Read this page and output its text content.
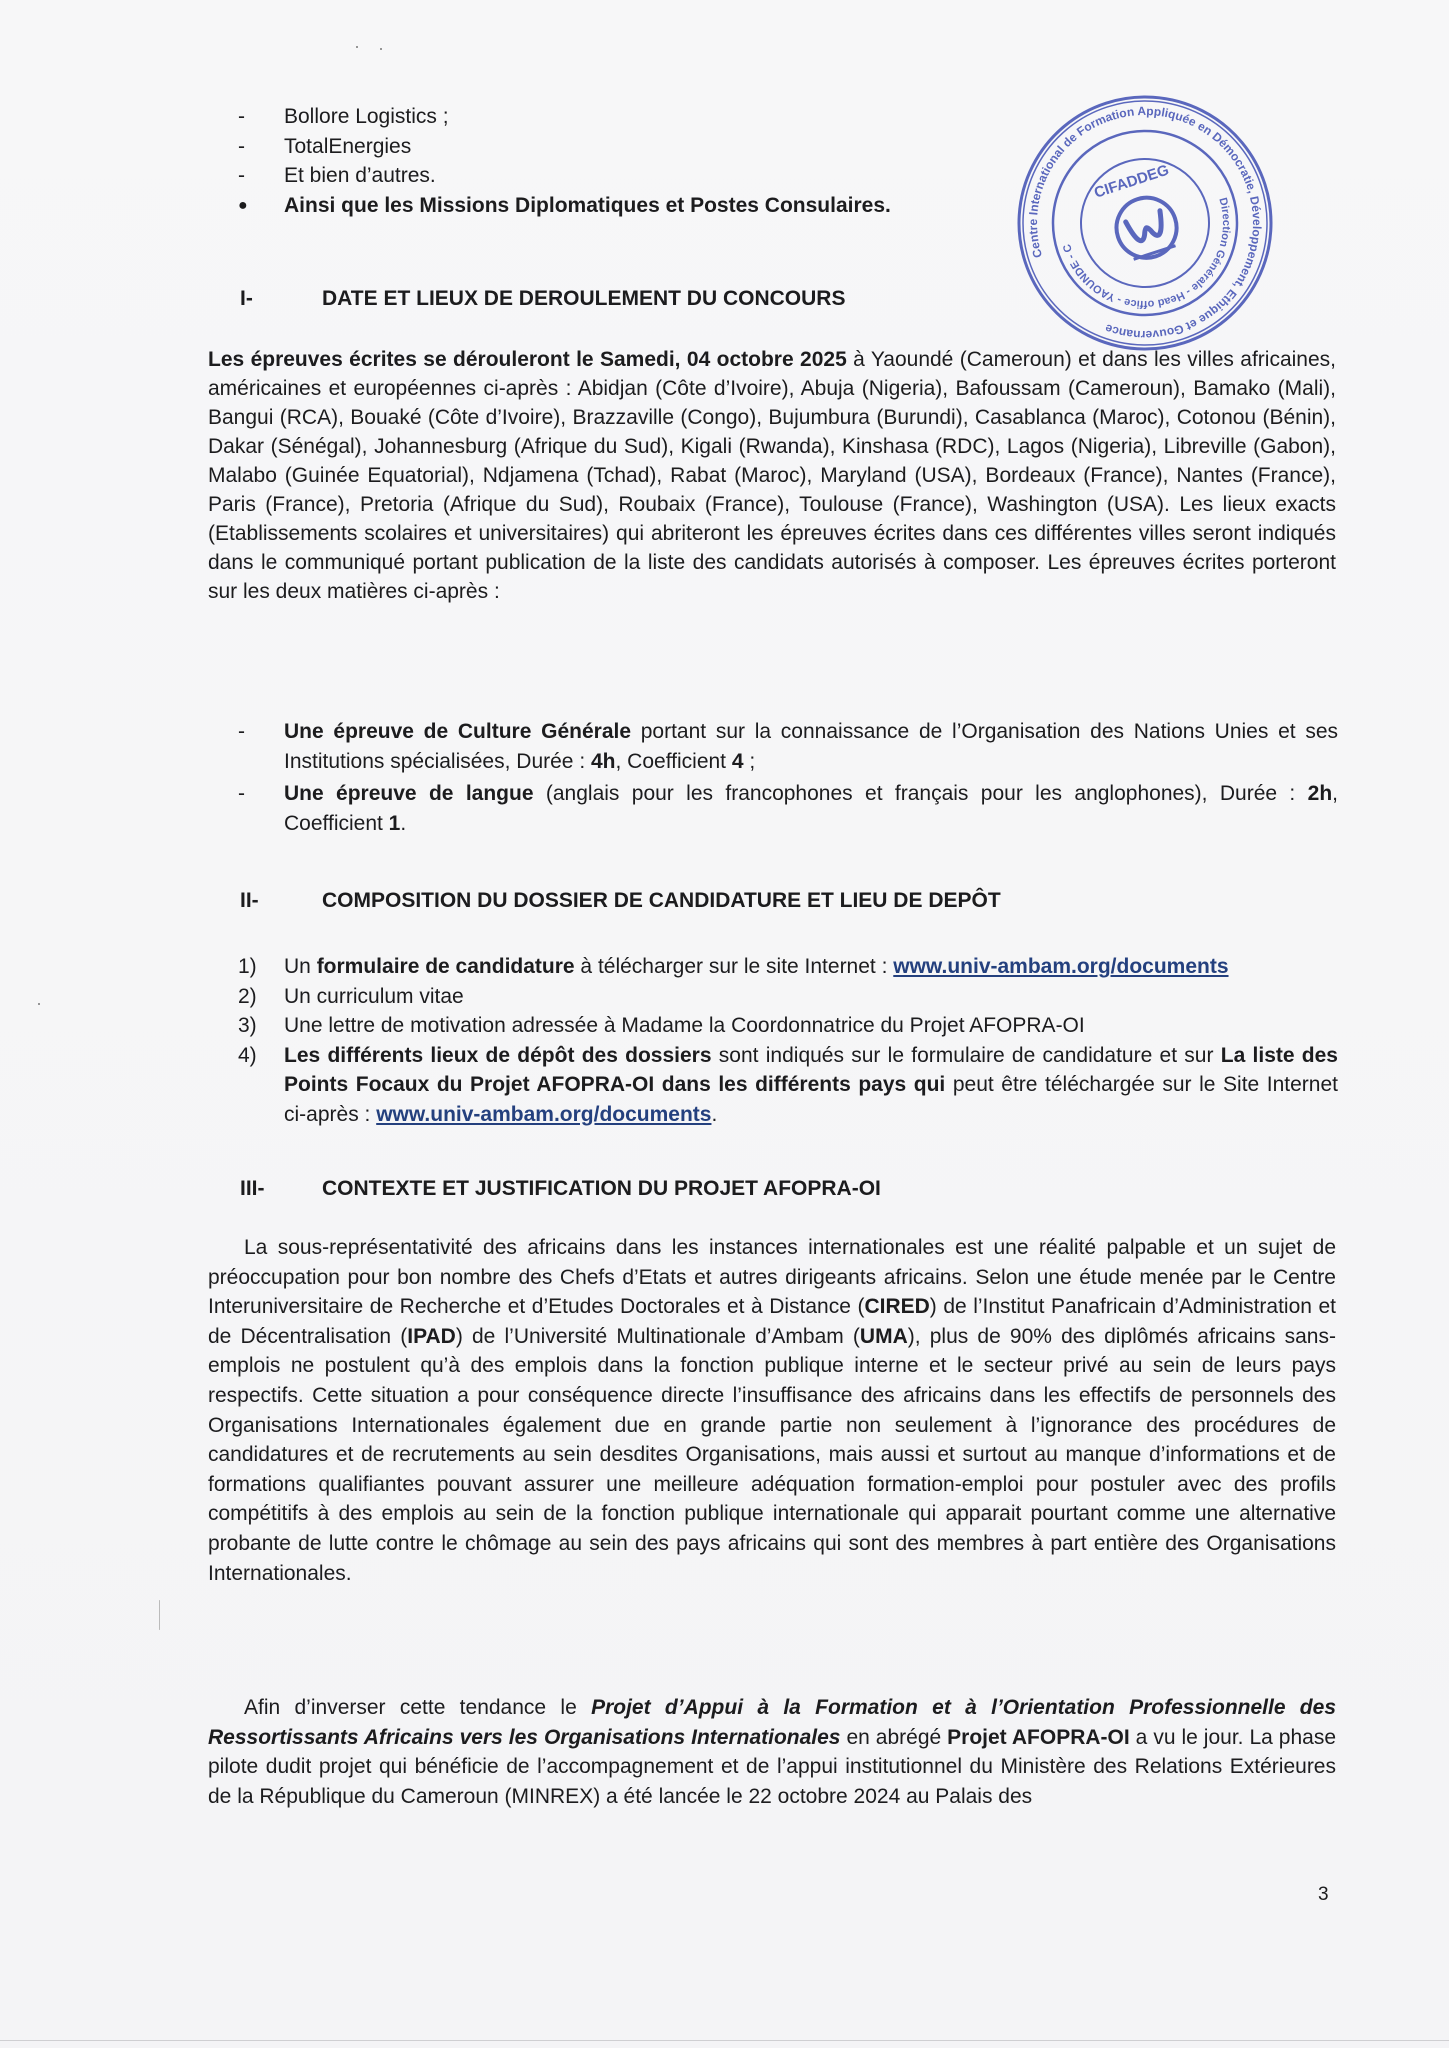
- Bollore Logistics ;
- TotalEnergies
- Et bien d’autres.
● Ainsi que les Missions Diplomatiques et Postes Consulaires.
Centre International de Formation Appliquée en Démocratie, Développement, Ethique et Gouvernance
Direction Générale - Head office - YAOUNDE - CAMEROUN
CIFADDEG
I-	DATE ET LIEUX DE DEROULEMENT DU CONCOURS
Les épreuves écrites se dérouleront le Samedi, 04 octobre 2025 à Yaoundé (Cameroun) et dans les villes africaines, américaines et européennes ci-après : Abidjan (Côte d’Ivoire), Abuja (Nigeria), Bafoussam (Cameroun), Bamako (Mali), Bangui (RCA), Bouaké (Côte d’Ivoire), Brazzaville (Congo), Bujumbura (Burundi), Casablanca (Maroc), Cotonou (Bénin), Dakar (Sénégal), Johannesburg (Afrique du Sud), Kigali (Rwanda), Kinshasa (RDC), Lagos (Nigeria), Libreville (Gabon), Malabo (Guinée Equatorial), Ndjamena (Tchad), Rabat (Maroc), Maryland (USA), Bordeaux (France), Nantes (France), Paris (France), Pretoria (Afrique du Sud), Roubaix (France), Toulouse (France), Washington (USA). Les lieux exacts (Etablissements scolaires et universitaires) qui abriteront les épreuves écrites dans ces différentes villes seront indiqués dans le communiqué portant publication de la liste des candidats autorisés à composer. Les épreuves écrites porteront sur les deux matières ci-après :
- Une épreuve de Culture Générale portant sur la connaissance de l’Organisation des Nations Unies et ses Institutions spécialisées, Durée : 4h, Coefficient 4 ;
- Une épreuve de langue (anglais pour les francophones et français pour les anglophones), Durée : 2h, Coefficient 1.
II-	COMPOSITION DU DOSSIER DE CANDIDATURE ET LIEU DE DEPÔT
1) Un formulaire de candidature à télécharger sur le site Internet : www.univ-ambam.org/documents
2) Un curriculum vitae
3) Une lettre de motivation adressée à Madame la Coordonnatrice du Projet AFOPRA-OI
4) Les différents lieux de dépôt des dossiers sont indiqués sur le formulaire de candidature et sur La liste des Points Focaux du Projet AFOPRA-OI dans les différents pays qui peut être téléchargée sur le Site Internet ci-après : www.univ-ambam.org/documents.
III-	CONTEXTE ET JUSTIFICATION DU PROJET AFOPRA-OI
La sous-représentativité des africains dans les instances internationales est une réalité palpable et un sujet de préoccupation pour bon nombre des Chefs d’Etats et autres dirigeants africains. Selon une étude menée par le Centre Interuniversitaire de Recherche et d’Etudes Doctorales et à Distance (CIRED) de l’Institut Panafricain d’Administration et de Décentralisation (IPAD) de l’Université Multinationale d’Ambam (UMA), plus de 90% des diplômés africains sans-emplois ne postulent qu’à des emplois dans la fonction publique interne et le secteur privé au sein de leurs pays respectifs. Cette situation a pour conséquence directe l’insuffisance des africains dans les effectifs de personnels des Organisations Internationales également due en grande partie non seulement à l’ignorance des procédures de candidatures et de recrutements au sein desdites Organisations, mais aussi et surtout au manque d’informations et de formations qualifiantes pouvant assurer une meilleure adéquation formation-emploi pour postuler avec des profils compétitifs à des emplois au sein de la fonction publique internationale qui apparait pourtant comme une alternative probante de lutte contre le chômage au sein des pays africains qui sont des membres à part entière des Organisations Internationales.
Afin d’inverser cette tendance le Projet d’Appui à la Formation et à l’Orientation Professionnelle des Ressortissants Africains vers les Organisations Internationales en abrégé Projet AFOPRA-OI a vu le jour. La phase pilote dudit projet qui bénéficie de l’accompagnement et de l’appui institutionnel du Ministère des Relations Extérieures de la République du Cameroun (MINREX) a été lancée le 22 octobre 2024 au Palais des
3
